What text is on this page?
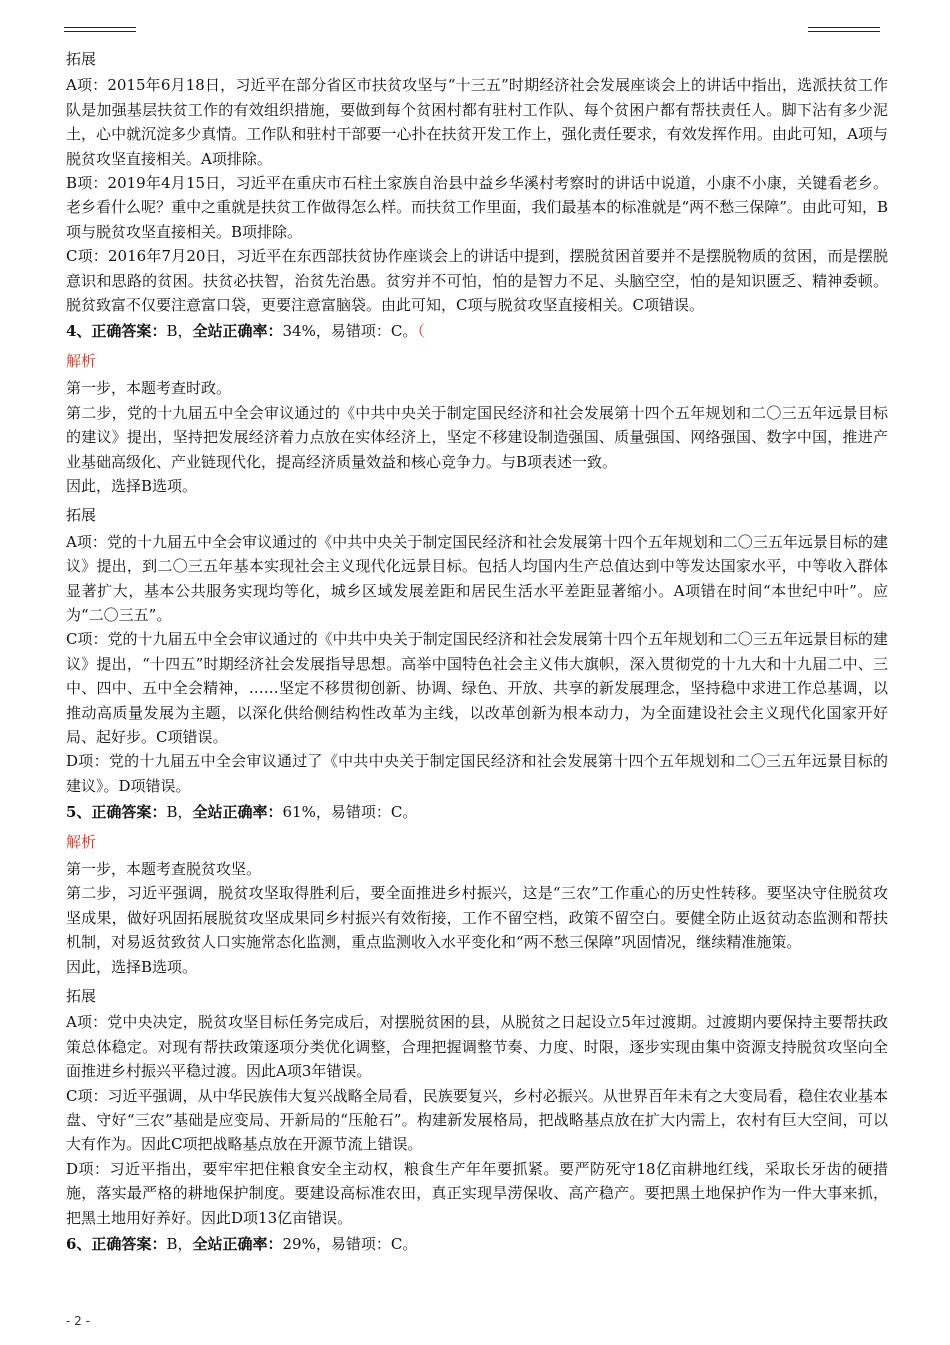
拓展
A项：2015年6月18日，习近平在部分省区市扶贫攻坚与“十三五”时期经济社会发展座谈会上的讲话中指出，选派扶贫工作队是加强基层扶贫工作的有效组织措施，要做到每个贫困村都有驻村工作队、每个贫困户都有帮扶责任人。脚下沾有多少泥土，心中就沉淀多少真情。工作队和驻村干部要一心扑在扶贫开发工作上，强化责任要求，有效发挥作用。由此可知，A项与脱贫攻坚直接相关。A项排除。
B项：2019年4月15日，习近平在重庆市石柱土家族自治县中益乡华溪村考察时的讲话中说道，小康不小康，关键看老乡。老乡看什么呢？重中之重就是扶贫工作做得怎么样。而扶贫工作里面，我们最基本的标准就是“两不愁三保障”。由此可知，B项与脱贫攻坚直接相关。B项排除。
C项：2016年7月20日，习近平在东西部扶贫协作座谈会上的讲话中提到，摆脱贫困首要并不是摆脱物质的贫困，而是摆脱意识和思路的贫困。扶贫必扶智，治贫先治愚。贫穷并不可怕，怕的是智力不足、头脑空空，怕的是知识匮乏、精神委顿。脱贫致富不仅要注意富口袋，更要注意富脑袋。由此可知，C项与脱贫攻坚直接相关。C项错误。
4、正确答案：B，全站正确率：34%，易错项：C。（
解析
第一步，本题考查时政。
第二步，党的十九届五中全会审议通过的《中共中央关于制定国民经济和社会发展第十四个五年规划和二〇三五年远景目标的建议》提出，坚持把发展经济着力点放在实体经济上，坚定不移建设制造强国、质量强国、网络强国、数字中国，推进产业基础高级化、产业链现代化，提高经济质量效益和核心竞争力。与B项表述一致。
因此，选择B选项。
拓展
A项：党的十九届五中全会审议通过的《中共中央关于制定国民经济和社会发展第十四个五年规划和二〇三五年远景目标的建议》提出，到二〇三五年基本实现社会主义现代化远景目标。包括人均国内生产总值达到中等发达国家水平，中等收入群体显著扩大，基本公共服务实现均等化，城乡区域发展差距和居民生活水平差距显著缩小。A项错在时间“本世纪中叶”。应为“二〇三五”。
C项：党的十九届五中全会审议通过的《中共中央关于制定国民经济和社会发展第十四个五年规划和二〇三五年远景目标的建议》提出，“十四五”时期经济社会发展指导思想。高举中国特色社会主义伟大旗帜，深入贯彻党的十九大和十九届二中、三中、四中、五中全会精神，……坚定不移贯彻创新、协调、绿色、开放、共享的新发展理念，坚持稳中求进工作总基调，以推动高质量发展为主题，以深化供给侧结构性改革为主线，以改革创新为根本动力，为全面建设社会主义现代化国家开好局、起好步。C项错误。
D项：党的十九届五中全会审议通过了《中共中央关于制定国民经济和社会发展第十四个五年规划和二〇三五年远景目标的建议》。D项错误。
5、正确答案：B，全站正确率：61%，易错项：C。
解析
第一步，本题考查脱贫攻坚。
第二步，习近平强调，脱贫攻坚取得胜利后，要全面推进乡村振兴，这是“三农”工作重心的历史性转移。要坚决守住脱贫攻坚成果，做好巩固拓展脱贫攻坚成果同乡村振兴有效衔接，工作不留空档，政策不留空白。要健全防止返贫动态监测和帮扶机制，对易返贫致贫人口实施常态化监测，重点监测收入水平变化和“两不愁三保障”巩固情况，继续精准施策。
因此，选择B选项。
拓展
A项：党中央决定，脱贫攻坚目标任务完成后，对摆脱贫困的县，从脱贫之日起设立5年过渡期。过渡期内要保持主要帮扶政策总体稳定。对现有帮扶政策逐项分类优化调整，合理把握调整节奏、力度、时限，逐步实现由集中资源支持脱贫攻坚向全面推进乡村振兴平稳过渡。因此A项3年错误。
C项：习近平强调，从中华民族伟大复兴战略全局看，民族要复兴，乡村必振兴。从世界百年未有之大变局看，稳住农业基本盘、守好“三农”基础是应变局、开新局的“压舱石”。构建新发展格局，把战略基点放在扩大内需上，农村有巨大空间，可以大有作为。因此C项把战略基点放在开源节流上错误。
D项：习近平指出，要牢牢把住粮食安全主动权，粮食生产年年要抓紧。要严防死守18亿亩耕地红线，采取长牙齿的硬措施，落实最严格的耕地保护制度。要建设高标准农田，真正实现旱涝保收、高产稳产。要把黑土地保护作为一件大事来抓，把黑土地用好养好。因此D项13亿亩错误。
6、正确答案：B，全站正确率：29%，易错项：C。
- 2 -
